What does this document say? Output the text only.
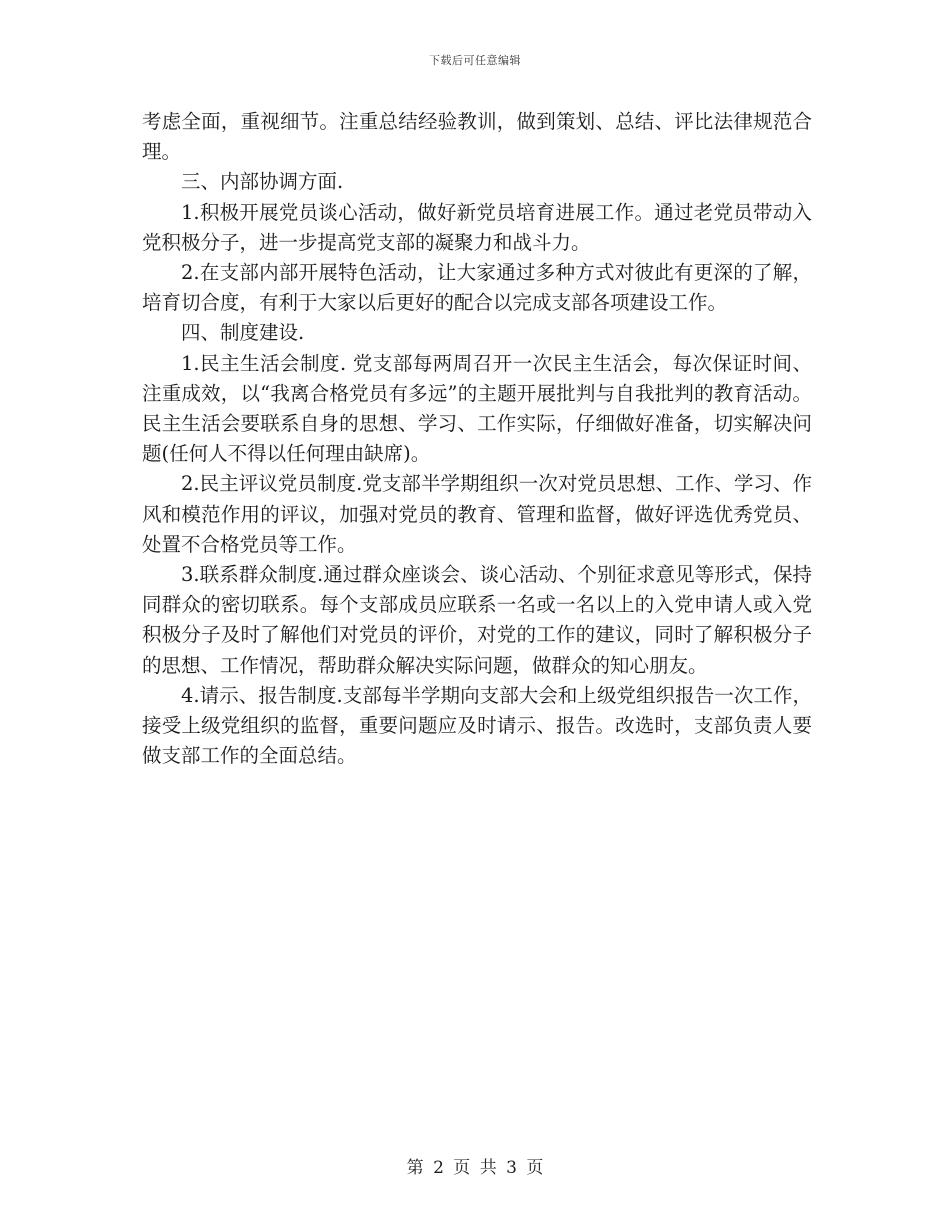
下载后可任意编辑

考虑全面，重视细节。注重总结经验教训，做到策划、总结、评比法律规范合理。

三、内部协调方面.

1.积极开展党员谈心活动，做好新党员培育进展工作。通过老党员带动入党积极分子，进一步提高党支部的凝聚力和战斗力。

2.在支部内部开展特色活动，让大家通过多种方式对彼此有更深的了解，培育切合度，有利于大家以后更好的配合以完成支部各项建设工作。

四、制度建设.

1.民主生活会制度. 党支部每两周召开一次民主生活会，每次保证时间、注重成效，以“我离合格党员有多远”的主题开展批判与自我批判的教育活动。民主生活会要联系自身的思想、学习、工作实际，仔细做好准备，切实解决问题(任何人不得以任何理由缺席)。

2.民主评议党员制度.党支部半学期组织一次对党员思想、工作、学习、作风和模范作用的评议，加强对党员的教育、管理和监督，做好评选优秀党员、处置不合格党员等工作。

3.联系群众制度.通过群众座谈会、谈心活动、个别征求意见等形式，保持同群众的密切联系。每个支部成员应联系一名或一名以上的入党申请人或入党积极分子及时了解他们对党员的评价，对党的工作的建议，同时了解积极分子的思想、工作情况，帮助群众解决实际问题，做群众的知心朋友。

4.请示、报告制度.支部每半学期向支部大会和上级党组织报告一次工作，接受上级党组织的监督，重要问题应及时请示、报告。改选时，支部负责人要做支部工作的全面总结。

第 2 页 共 3 页
